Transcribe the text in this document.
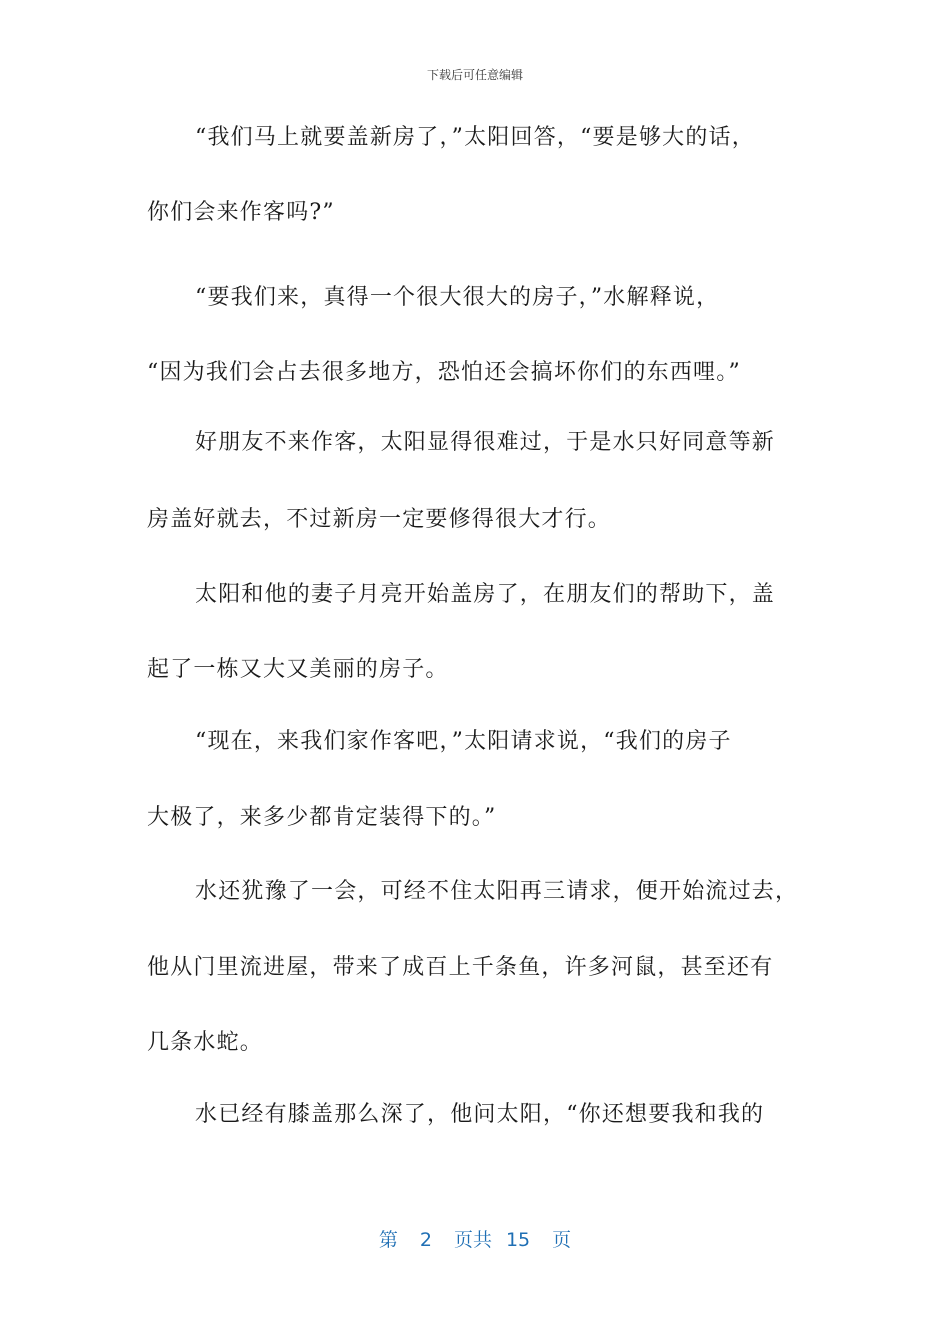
下载后可任意编辑
“我们马上就要盖新房了，”太阳回答，“要是够大的话，
你们会来作客吗?”
“要我们来，真得一个很大很大的房子，”水解释说，
“因为我们会占去很多地方，恐怕还会搞坏你们的东西哩。”
好朋友不来作客，太阳显得很难过，于是水只好同意等新
房盖好就去，不过新房一定要修得很大才行。
太阳和他的妻子月亮开始盖房了，在朋友们的帮助下，盖
起了一栋又大又美丽的房子。
“现在，来我们家作客吧，”太阳请求说，“我们的房子
大极了，来多少都肯定装得下的。”
水还犹豫了一会，可经不住太阳再三请求，便开始流过去，
他从门里流进屋，带来了成百上千条鱼，许多河鼠，甚至还有
几条水蛇。
水已经有膝盖那么深了，他问太阳，“你还想要我和我的
第 2 页共 15 页
